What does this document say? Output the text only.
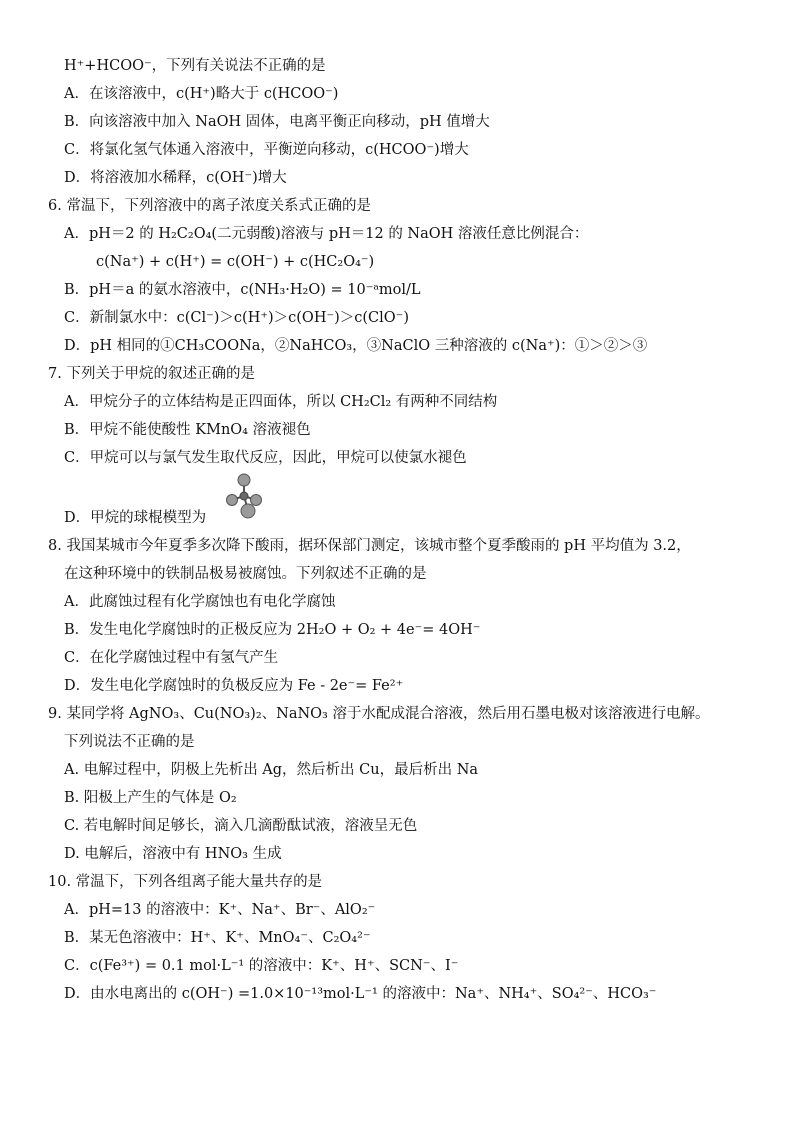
H⁺+HCOO⁻，下列有关说法不正确的是
A．在该溶液中，c(H⁺)略大于 c(HCOO⁻)
B．向该溶液中加入 NaOH 固体，电离平衡正向移动，pH 值增大
C．将氯化氢气体通入溶液中，平衡逆向移动，c(HCOO⁻)增大
D．将溶液加水稀释，c(OH⁻)增大
6. 常温下，下列溶液中的离子浓度关系式正确的是
A．pH＝2 的 H₂C₂O₄(二元弱酸)溶液与 pH＝12 的 NaOH 溶液任意比例混合：
c(Na⁺) + c(H⁺) = c(OH⁻) + c(HC₂O₄⁻)
B．pH＝a 的氨水溶液中，c(NH₃·H₂O) = 10⁻ᵃmol/L
C．新制氯水中：c(Cl⁻)＞c(H⁺)＞c(OH⁻)＞c(ClO⁻)
D．pH 相同的①CH₃COONa，②NaHCO₃，③NaClO 三种溶液的 c(Na⁺)：①＞②＞③
7. 下列关于甲烷的叙述正确的是
A．甲烷分子的立体结构是正四面体，所以 CH₂Cl₂ 有两种不同结构
B．甲烷不能使酸性 KMnO₄ 溶液褪色
C．甲烷可以与氯气发生取代反应，因此，甲烷可以使氯水褪色
D．甲烷的球棍模型为
8. 我国某城市今年夏季多次降下酸雨，据环保部门测定，该城市整个夏季酸雨的 pH 平均值为 3.2，
在这种环境中的铁制品极易被腐蚀。下列叙述不正确的是
A．此腐蚀过程有化学腐蚀也有电化学腐蚀
B．发生电化学腐蚀时的正极反应为 2H₂O + O₂ + 4e⁻= 4OH⁻
C．在化学腐蚀过程中有氢气产生
D．发生电化学腐蚀时的负极反应为 Fe - 2e⁻= Fe²⁺
9. 某同学将 AgNO₃、Cu(NO₃)₂、NaNO₃ 溶于水配成混合溶液，然后用石墨电极对该溶液进行电解。
下列说法不正确的是
A. 电解过程中，阴极上先析出 Ag，然后析出 Cu，最后析出 Na
B. 阳极上产生的气体是 O₂
C. 若电解时间足够长，滴入几滴酚酞试液，溶液呈无色
D. 电解后，溶液中有 HNO₃ 生成
10. 常温下，下列各组离子能大量共存的是
A．pH=13 的溶液中：K⁺、Na⁺、Br⁻、AlO₂⁻
B．某无色溶液中：H⁺、K⁺、MnO₄⁻、C₂O₄²⁻
C．c(Fe³⁺) = 0.1 mol·L⁻¹ 的溶液中：K⁺、H⁺、SCN⁻、I⁻
D．由水电离出的 c(OH⁻) =1.0×10⁻¹³mol·L⁻¹ 的溶液中：Na⁺、NH₄⁺、SO₄²⁻、HCO₃⁻
